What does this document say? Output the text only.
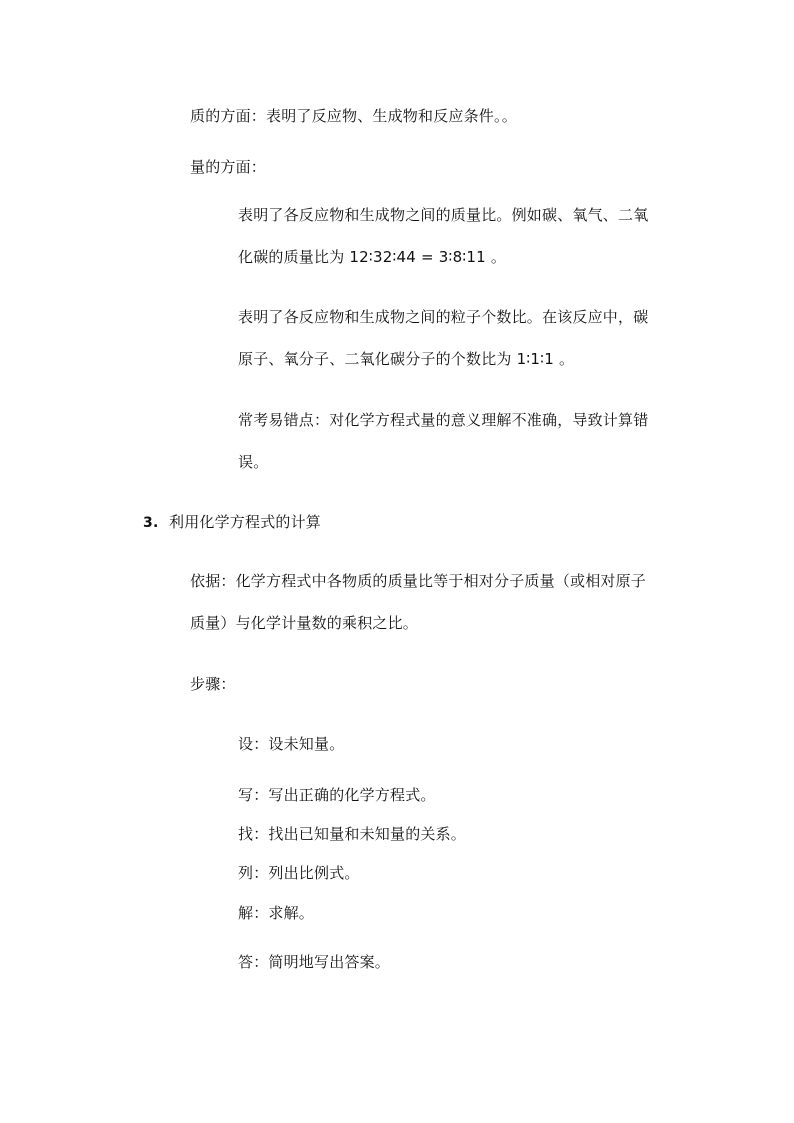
质的方面：表明了反应物、生成物和反应条件。。
量的方面：
表明了各反应物和生成物之间的质量比。例如碳、氧气、二氧
化碳的质量比为 12∶32∶44 = 3∶8∶11 。
表明了各反应物和生成物之间的粒子个数比。在该反应中，碳
原子、氧分子、二氧化碳分子的个数比为 1∶1∶1 。
常考易错点：对化学方程式量的意义理解不准确，导致计算错
误。
3. 利用化学方程式的计算
依据：化学方程式中各物质的质量比等于相对分子质量（或相对原子
质量）与化学计量数的乘积之比。
步骤：
设：设未知量。
写：写出正确的化学方程式。
找：找出已知量和未知量的关系。
列：列出比例式。
解：求解。
答：简明地写出答案。
